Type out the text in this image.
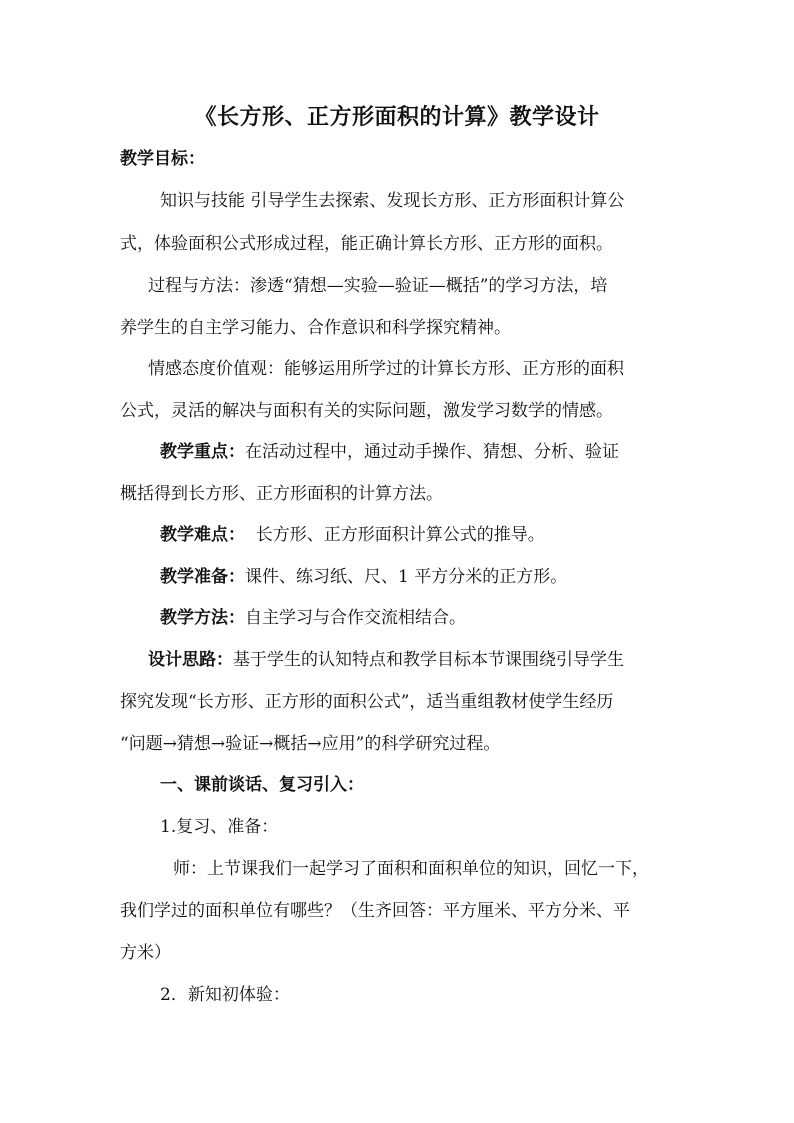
《长方形、正方形面积的计算》教学设计
教学目标：
知识与技能 引导学生去探索、发现长方形、正方形面积计算公
式，体验面积公式形成过程，能正确计算长方形、正方形的面积。
过程与方法：渗透“猜想—实验—验证—概括”的学习方法，培
养学生的自主学习能力、合作意识和科学探究精神。
情感态度价值观：能够运用所学过的计算长方形、正方形的面积
公式，灵活的解决与面积有关的实际问题，激发学习数学的情感。
教学重点：在活动过程中，通过动手操作、猜想、分析、验证
概括得到长方形、正方形面积的计算方法。
教学难点：  长方形、正方形面积计算公式的推导。
教学准备：课件、练习纸、尺、1 平方分米的正方形。
教学方法：自主学习与合作交流相结合。
设计思路：基于学生的认知特点和教学目标本节课围绕引导学生
探究发现“长方形、正方形的面积公式”，适当重组教材使学生经历
“问题→猜想→验证→概括→应用”的科学研究过程。
一、课前谈话、复习引入：
1.复习、准备：
师：上节课我们一起学习了面积和面积单位的知识，回忆一下，
我们学过的面积单位有哪些？（生齐回答：平方厘米、平方分米、平
方米）
2．新知初体验：
